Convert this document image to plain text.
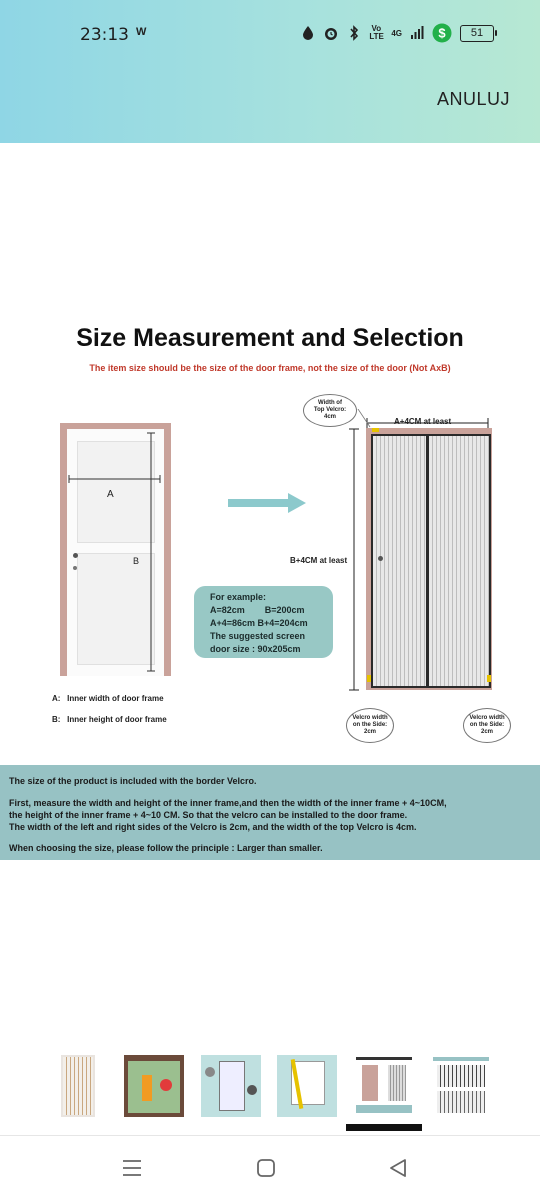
23:13 W	Vo LTE 4G	$ 51
ANULUJ
Size Measurement and Selection
The item size should be the size of the door frame, not the size of the door (Not AxB)
A
B
For example:
A=82cm        B=200cm
A+4=86cm B+4=204cm
The suggested screen
door size : 90x205cm
A:   Inner width of door frame
B:   Inner height of door frame
A+4CM at least
B+4CM at least
Width of
Top Velcro:
4cm
Velcro width
on the Side:
2cm
Velcro width
on the Side:
2cm
The size of the product is included with the border Velcro.
First, measure the width and height of the inner frame,and then the width of the inner frame + 4~10CM,
the height of the inner frame + 4~10 CM. So that the velcro can be installed to the door frame.
The width of the left and right sides of the Velcro is 2cm, and the width of the top Velcro is 4cm.
When choosing the size, please follow the principle : Larger than smaller.
